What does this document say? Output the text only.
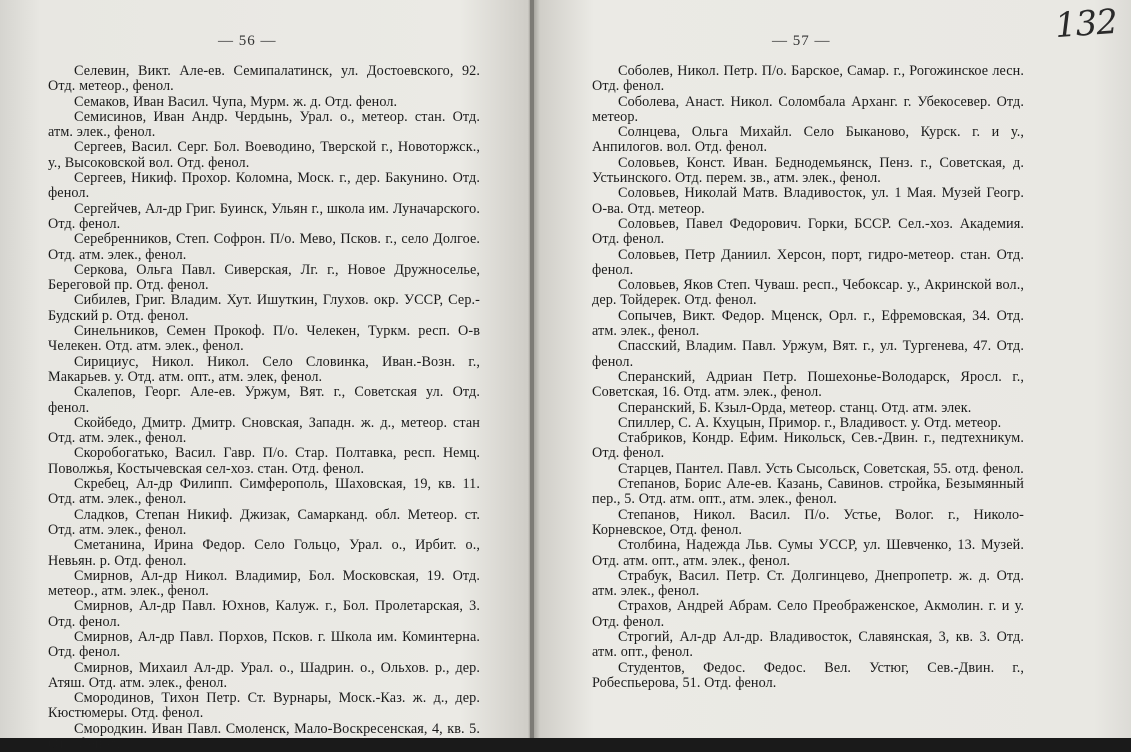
— 56 —

Селевин, Викт. Але-ев. Семипалатинск, ул. Достоевского, 92. Отд. метеор., фенол.

Семаков, Иван Васил. Чупа, Мурм. ж. д. Отд. фенол.

Семисинов, Иван Андр. Чердынь, Урал. о., метеор. стан. Отд. атм. элек., фенол.

Сергеев, Васил. Серг. Бол. Воеводино, Тверской г., Новоторжск., у., Высоковской вол. Отд. фенол.

Сергеев, Никиф. Прохор. Коломна, Моск. г., дер. Бакунино. Отд. фенол.

Сергейчев, Ал-др Григ. Буинск, Ульян г., школа им. Луначарского. Отд. фенол.

Серебренников, Степ. Софрон. П/о. Мево, Псков. г., село Долгое. Отд. атм. элек., фенол.

Серкова, Ольга Павл. Сиверская, Лг. г., Новое Дружноселье, Береговой пр. Отд. фенол.

Сибилев, Григ. Владим. Хут. Ишуткин, Глухов. окр. УССР, Сер.-Будский р. Отд. фенол.

Синельников, Семен Прокоф. П/о. Челекен, Туркм. респ. О-в Челекен. Отд. атм. элек., фенол.

Сирициус, Никол. Никол. Село Словинка, Иван.-Возн. г., Макарьев. у. Отд. атм. опт., атм. элек, фенол.

Скалепов, Георг. Але-ев. Уржум, Вят. г., Советская ул. Отд. фенол.

Скойбедо, Дмитр. Дмитр. Сновская, Западн. ж. д., метеор. стан Отд. атм. элек., фенол.

Скоробогатько, Васил. Гавр. П/о. Стар. Полтавка, респ. Немц. Поволжья, Костычевская сел-хоз. стан. Отд. фенол.

Скребец, Ал-др Филипп. Симферополь, Шаховская, 19, кв. 11. Отд. атм. элек., фенол.

Сладков, Степан Никиф. Джизак, Самарканд. обл. Метеор. ст. Отд. атм. элек., фенол.

Сметанина, Ирина Федор. Село Гольцо, Урал. о., Ирбит. о., Невьян. р. Отд. фенол.

Смирнов, Ал-др Никол. Владимир, Бол. Московская, 19. Отд. метеор., атм. элек., фенол.

Смирнов, Ал-др Павл. Юхнов, Калуж. г., Бол. Пролетарская, 3. Отд. фенол.

Смирнов, Ал-др Павл. Порхов, Псков. г. Школа им. Коминтерна. Отд. фенол.

Смирнов, Михаил Ал-др. Урал. о., Шадрин. о., Ольхов. р., дер. Атяш. Отд. атм. элек., фенол.

Смородинов, Тихон Петр. Ст. Вурнары, Моск.-Каз. ж. д., дер. Кюстюмеры. Отд. фенол.

Смородкин. Иван Павл. Смоленск, Мало-Воскресенская, 4, кв. 5. Отд. фенол.

— 57 —	132

Соболев, Никол. Петр. П/о. Барское, Самар. г., Рогожинское лесн. Отд. фенол.

Соболева, Анаст. Никол. Соломбала Арханг. г. Убекосевер. Отд. метеор.

Солнцева, Ольга Михайл. Село Быканово, Курск. г. и у., Анпилогов. вол. Отд. фенол.

Соловьев, Конст. Иван. Беднодемьянск, Пенз. г., Советская, д. Устьинского. Отд. перем. зв., атм. элек., фенол.

Соловьев, Николай Матв. Владивосток, ул. 1 Мая. Музей Геогр. О-ва. Отд. метеор.

Соловьев, Павел Федорович. Горки, БССР. Сел.-хоз. Академия. Отд. фенол.

Соловьев, Петр Даниил. Херсон, порт, гидро-метеор. стан. Отд. фенол.

Соловьев, Яков Степ. Чуваш. респ., Чебоксар. у., Акринской вол., дер. Тойдерек. Отд. фенол.

Сопычев, Викт. Федор. Мценск, Орл. г., Ефремовская, 34. Отд. атм. элек., фенол.

Спасский, Владим. Павл. Уржум, Вят. г., ул. Тургенева, 47. Отд. фенол.

Сперанский, Адриан Петр. Пошехонье-Володарск, Яросл. г., Советская, 16. Отд. атм. элек., фенол.

Сперанский, Б. Кзыл-Орда, метеор. станц. Отд. атм. элек.

Спиллер, С. А. Кхуцын, Примор. г., Владивост. у. Отд. метеор.

Стабриков, Кондр. Ефим. Никольск, Сев.-Двин. г., педтехникум. Отд. фенол.

Старцев, Пантел. Павл. Усть Сысольск, Советская, 55. отд. фенол.

Степанов, Борис Але-ев. Казань, Савинов. стройка, Безымянный пер., 5. Отд. атм. опт., атм. элек., фенол.

Степанов, Никол. Васил. П/о. Устье, Волог. г., Николо-Корневское, Отд. фенол.

Столбина, Надежда Льв. Сумы УССР, ул. Шевченко, 13. Музей. Отд. атм. опт., атм. элек., фенол.

Страбук, Васил. Петр. Ст. Долгинцево, Днепропетр. ж. д. Отд. атм. элек., фенол.

Страхов, Андрей Абрам. Село Преображенское, Акмолин. г. и у. Отд. фенол.

Строгий, Ал-др Ал-др. Владивосток, Славянская, 3, кв. 3. Отд. атм. опт., фенол.

Студентов, Федос. Федос. Вел. Устюг, Сев.-Двин. г., Робеспьерова, 51. Отд. фенол.
